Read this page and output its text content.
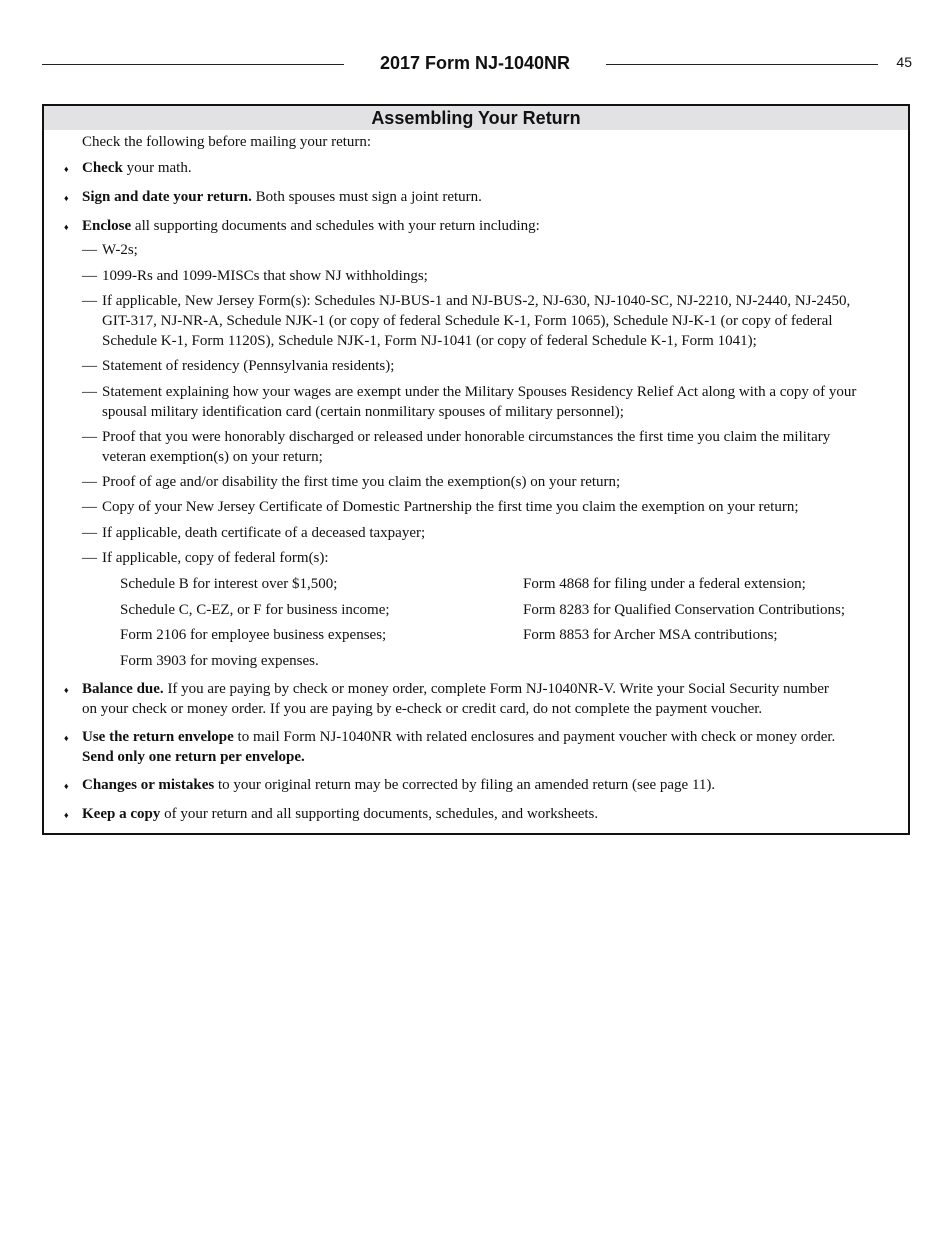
2017 Form NJ-1040NR	45
Assembling Your Return
Check the following before mailing your return:
♦ Check your math.
♦ Sign and date your return. Both spouses must sign a joint return.
♦ Enclose all supporting documents and schedules with your return including:
— W-2s;
— 1099-Rs and 1099-MISCs that show NJ withholdings;
— If applicable, New Jersey Form(s): Schedules NJ-BUS-1 and NJ-BUS-2, NJ-630, NJ-1040-SC, NJ-2210, NJ-2440, NJ-2450,
GIT-317, NJ-NR-A, Schedule NJK-1 (or copy of federal Schedule K-1, Form 1065), Schedule NJ-K-1 (or copy of federal
Schedule K-1, Form 1120S), Schedule NJK-1, Form NJ-1041 (or copy of federal Schedule K-1, Form 1041);
— Statement of residency (Pennsylvania residents);
— Statement explaining how your wages are exempt under the Military Spouses Residency Relief Act along with a copy of your
spousal military identification card (certain nonmilitary spouses of military personnel);
— Proof that you were honorably discharged or released under honorable circumstances the first time you claim the military
veteran exemption(s) on your return;
— Proof of age and/or disability the first time you claim the exemption(s) on your return;
— Copy of your New Jersey Certificate of Domestic Partnership the first time you claim the exemption on your return;
— If applicable, death certificate of a deceased taxpayer;
— If applicable, copy of federal form(s):
Schedule B for interest over $1,500;	Form 4868 for filing under a federal extension;
Schedule C, C-EZ, or F for business income;	Form 8283 for Qualified Conservation Contributions;
Form 2106 for employee business expenses;	Form 8853 for Archer MSA contributions;
Form 3903 for moving expenses.
♦ Balance due. If you are paying by check or money order, complete Form NJ-1040NR-V. Write your Social Security number
on your check or money order. If you are paying by e-check or credit card, do not complete the payment voucher.
♦ Use the return envelope to mail Form NJ-1040NR with related enclosures and payment voucher with check or money order.
Send only one return per envelope.
♦ Changes or mistakes to your original return may be corrected by filing an amended return (see page 11).
♦ Keep a copy of your return and all supporting documents, schedules, and worksheets.
